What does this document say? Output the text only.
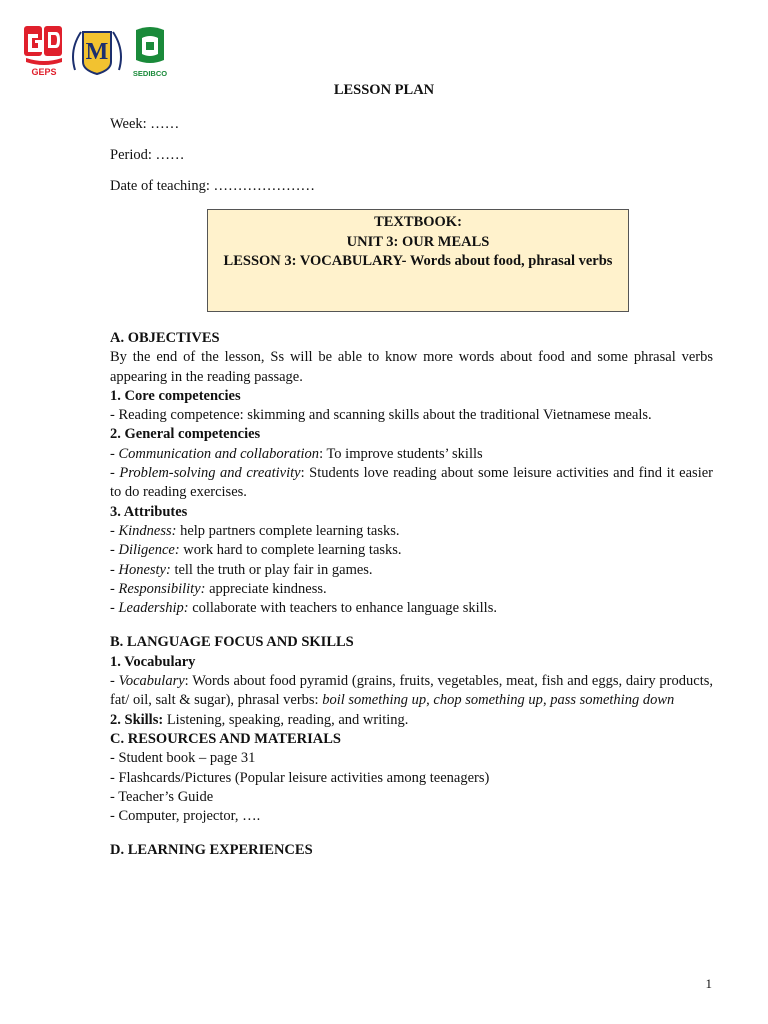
GEPS
M
SEDIBCO
LESSON PLAN
Week: ……
Period: ……
Date of teaching: …………………
TEXTBOOK:
UNIT 3: OUR MEALS
LESSON 3: VOCABULARY- Words about food, phrasal verbs

A. OBJECTIVES

By the end of the lesson, Ss will be able to know more words about food and some phrasal verbs appearing in the reading passage.

1. Core competencies

- Reading competence: skimming and scanning skills about the traditional Vietnamese meals.

2. General competencies

- Communication and collaboration: To improve students’ skills

- Problem-solving and creativity: Students love reading about some leisure activities and find it easier to do reading exercises.

3. Attributes

- Kindness: help partners complete learning tasks.

- Diligence: work hard to complete learning tasks.

- Honesty: tell the truth or play fair in games.

- Responsibility: appreciate kindness.

- Leadership: collaborate with teachers to enhance language skills.

B. LANGUAGE FOCUS AND SKILLS

1. Vocabulary

- Vocabulary: Words about food pyramid (grains, fruits, vegetables, meat, fish and eggs, dairy products, fat/ oil, salt & sugar), phrasal verbs: boil something up, chop something up, pass something down

2. Skills: Listening, speaking, reading, and writing.

C. RESOURCES AND MATERIALS

- Student book – page 31

- Flashcards/Pictures (Popular leisure activities among teenagers)

- Teacher’s Guide

- Computer, projector, ….

D. LEARNING EXPERIENCES

1
